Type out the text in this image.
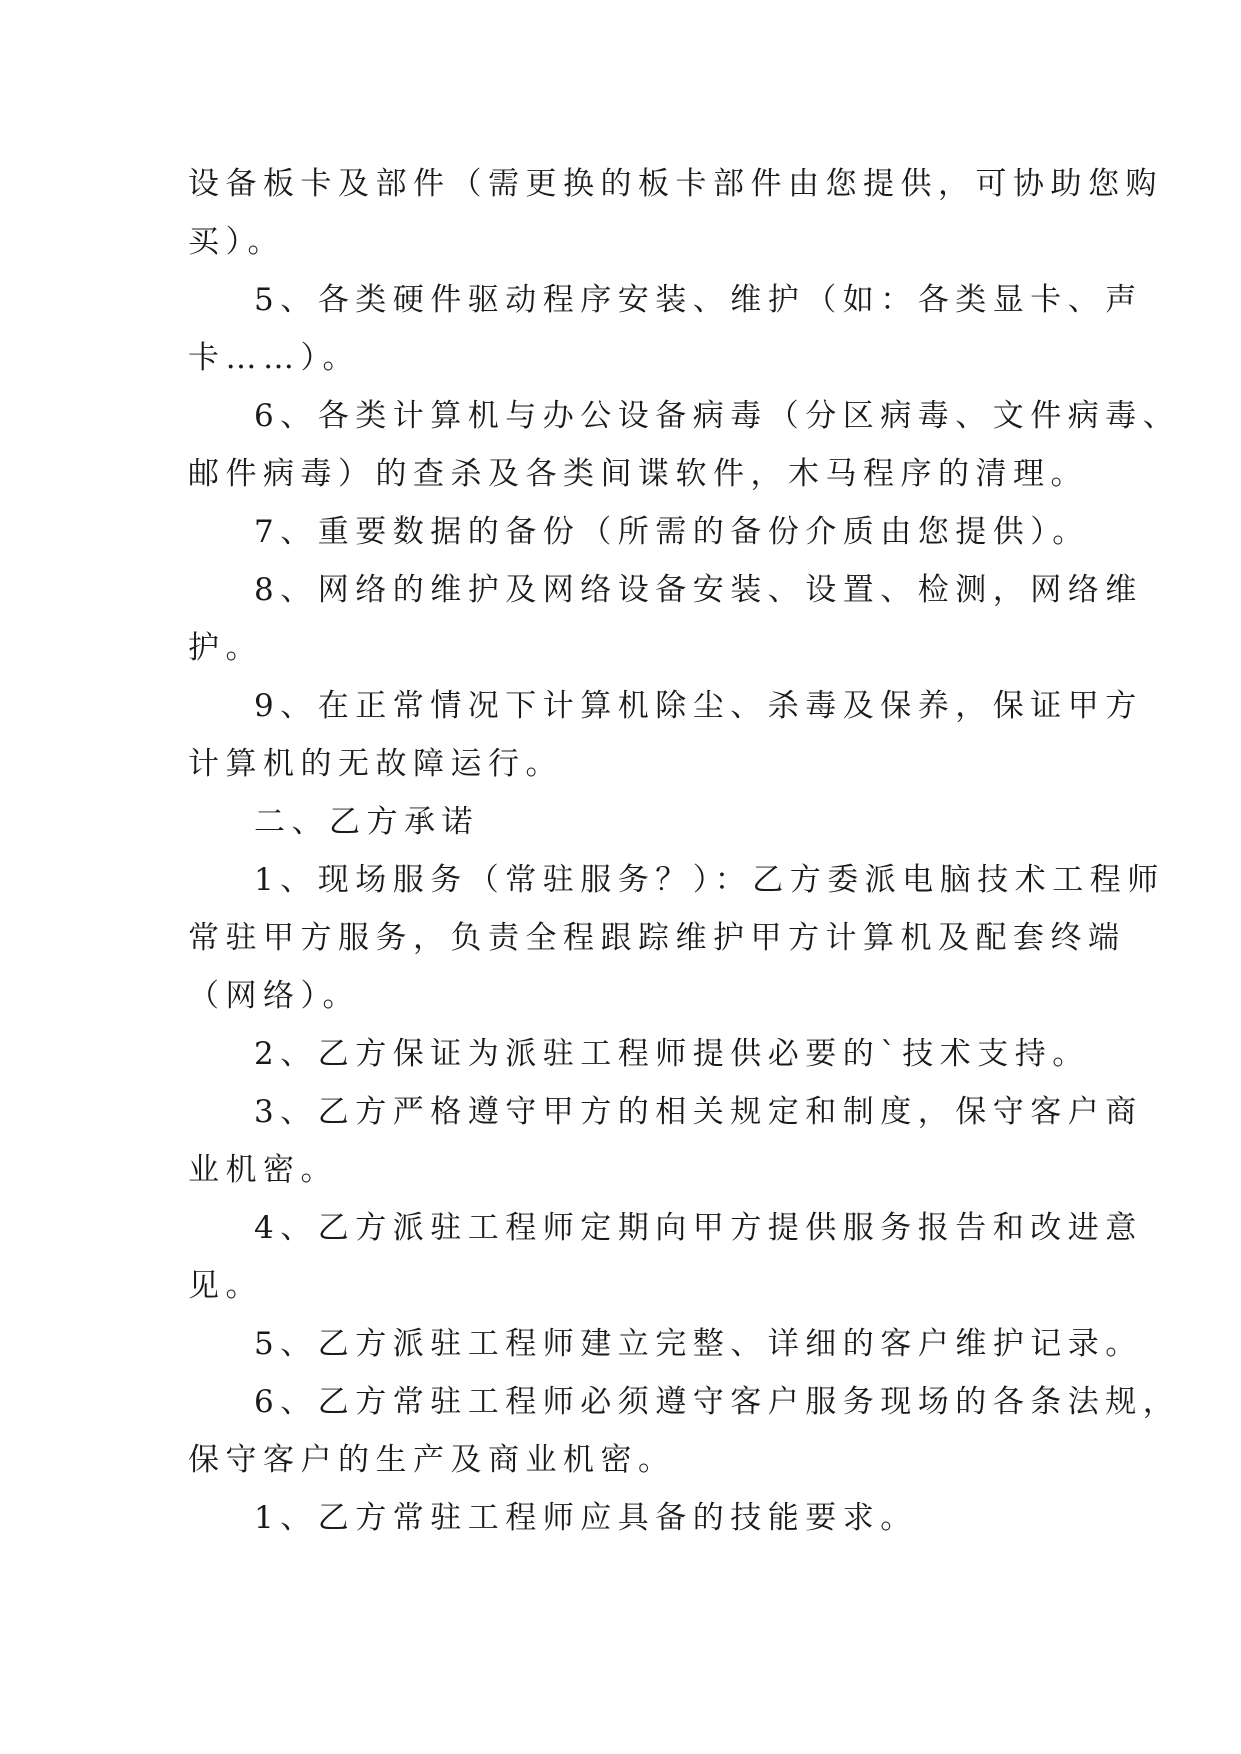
设备板卡及部件（需更换的板卡部件由您提供，可协助您购

买）。

5、各类硬件驱动程序安装、维护（如：各类显卡、声

卡……）。

6、各类计算机与办公设备病毒（分区病毒、文件病毒、

邮件病毒）的查杀及各类间谍软件，木马程序的清理。

7、重要数据的备份（所需的备份介质由您提供）。

8、网络的维护及网络设备安装、设置、检测，网络维

护。

9、在正常情况下计算机除尘、杀毒及保养，保证甲方

计算机的无故障运行。

二、乙方承诺

1、现场服务（常驻服务？）：乙方委派电脑技术工程师

常驻甲方服务，负责全程跟踪维护甲方计算机及配套终端

（网络）。

2、乙方保证为派驻工程师提供必要的`技术支持。

3、乙方严格遵守甲方的相关规定和制度，保守客户商

业机密。

4、乙方派驻工程师定期向甲方提供服务报告和改进意

见。

5、乙方派驻工程师建立完整、详细的客户维护记录。

6、乙方常驻工程师必须遵守客户服务现场的各条法规，

保守客户的生产及商业机密。

1、乙方常驻工程师应具备的技能要求。
